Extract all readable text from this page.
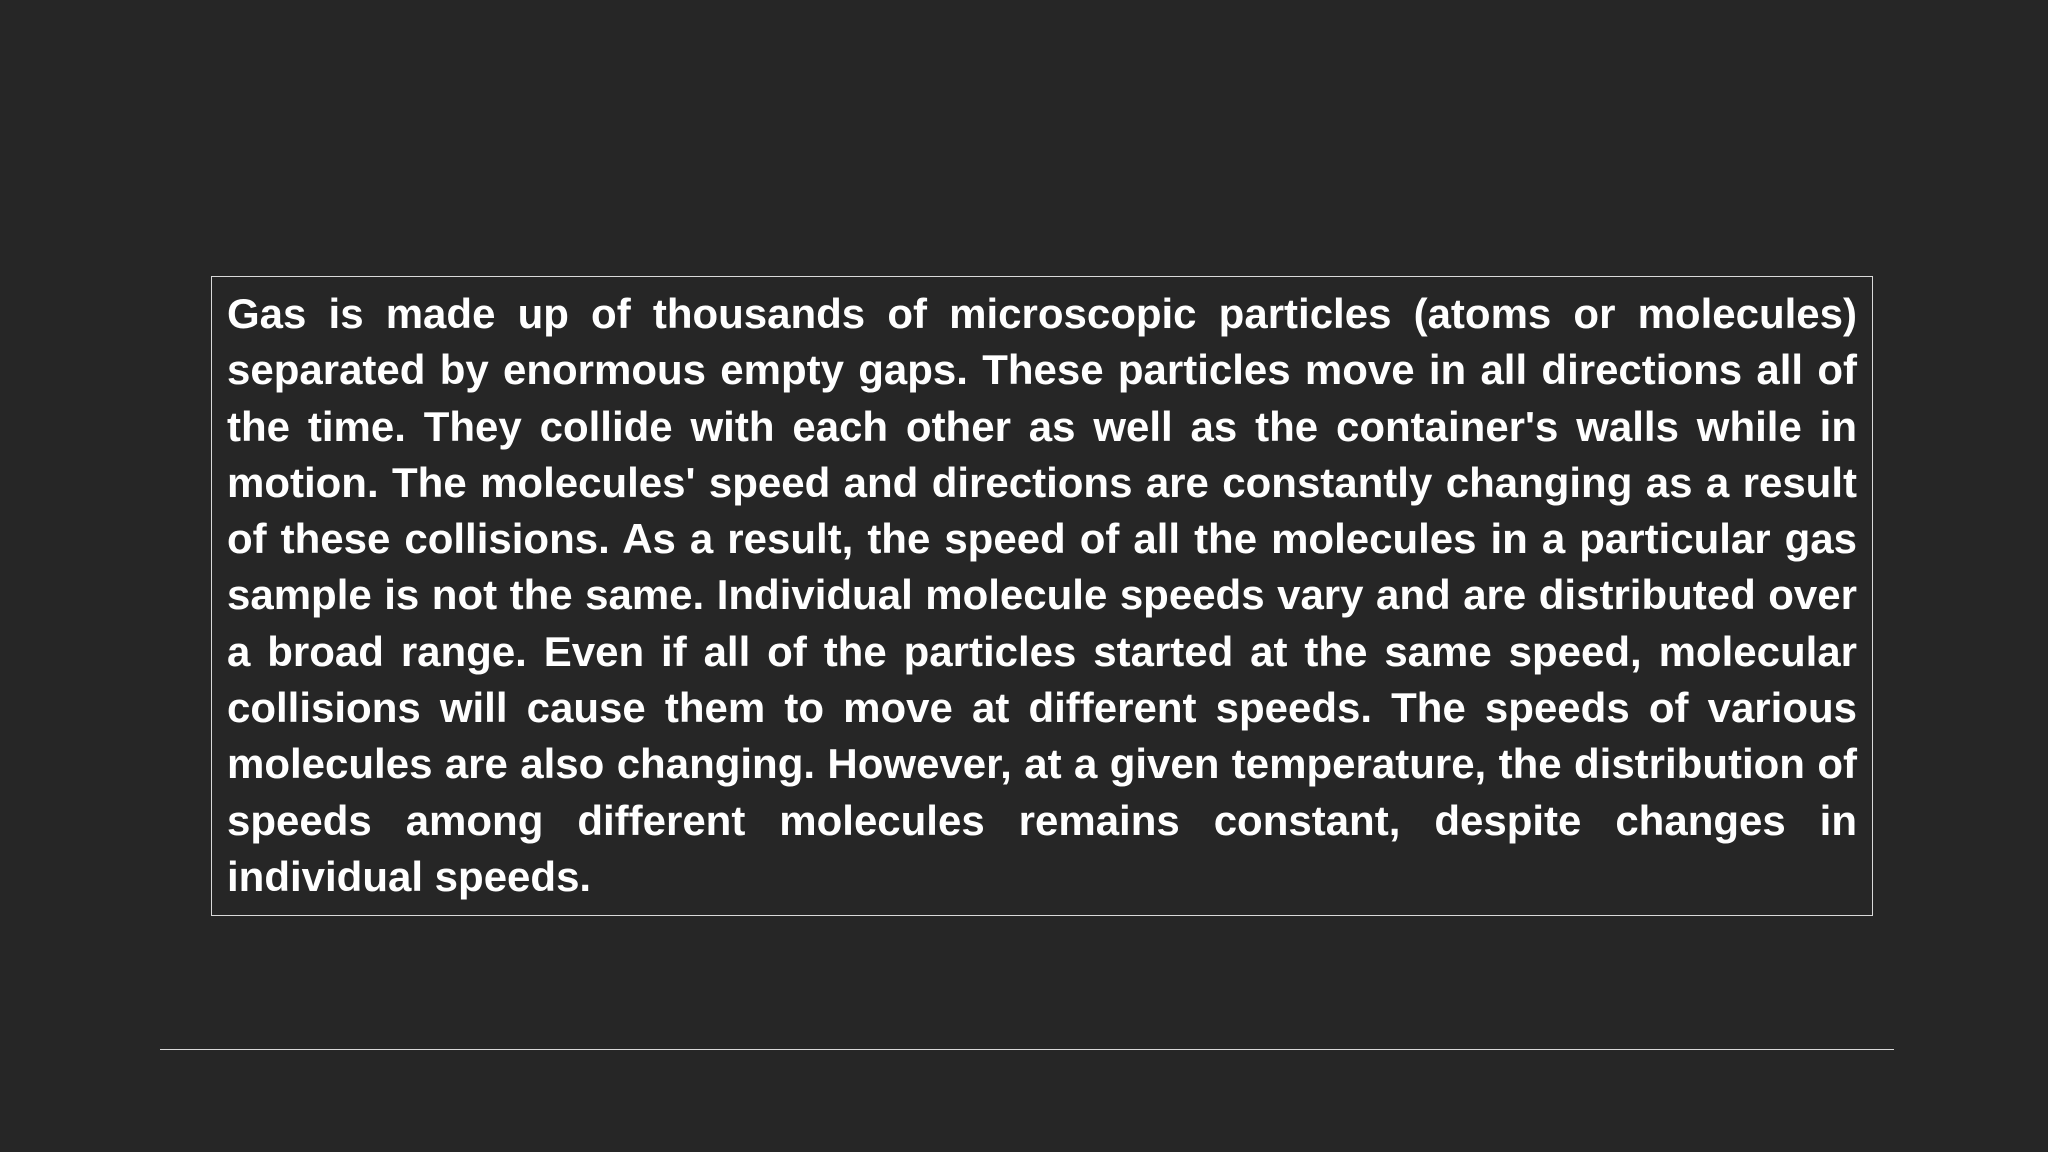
Gas is made up of thousands of microscopic particles (atoms or molecules) separated by enormous empty gaps. These particles move in all directions all of the time. They collide with each other as well as the container's walls while in motion. The molecules' speed and directions are constantly changing as a result of these collisions. As a result, the speed of all the molecules in a particular gas sample is not the same. Individual molecule speeds vary and are distributed over a broad range. Even if all of the particles started at the same speed, molecular collisions will cause them to move at different speeds. The speeds of various molecules are also changing. However, at a given temperature, the distribution of speeds among different molecules remains constant, despite changes in individual speeds.
